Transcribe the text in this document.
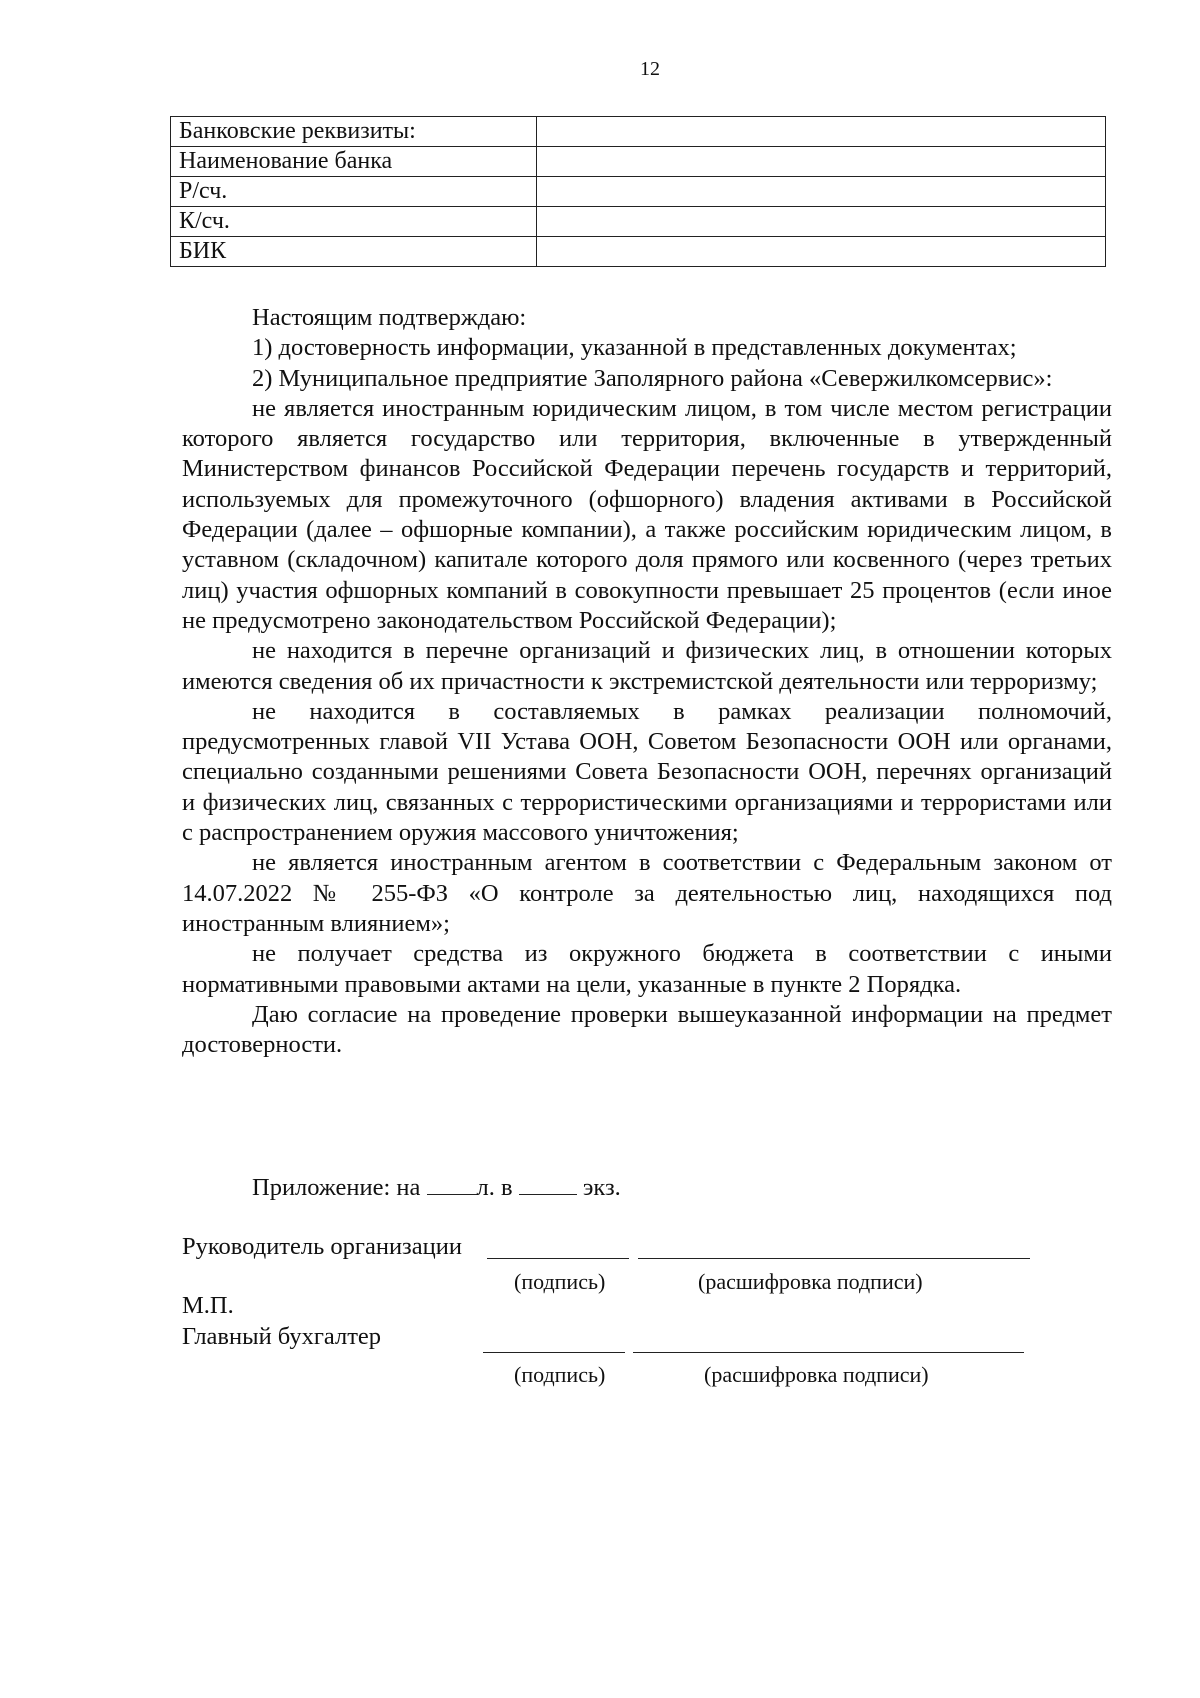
12
Банковские реквизиты:	
Наименование банка	
Р/сч.	
К/сч.	
БИК	

Настоящим подтверждаю:

1) достоверность информации, указанной в представленных документах;

2) Муниципальное предприятие Заполярного района «Севержилкомсервис»:

не является иностранным юридическим лицом, в том числе местом регистрации которого является государство или территория, включенные в утвержденный Министерством финансов Российской Федерации перечень государств и территорий, используемых для промежуточного (офшорного) владения активами в Российской Федерации (далее – офшорные компании), а также российским юридическим лицом, в уставном (складочном) капитале которого доля прямого или косвенного (через третьих лиц) участия офшорных компаний в совокупности превышает 25 процентов (если иное не предусмотрено законодательством Российской Федерации);

не находится в перечне организаций и физических лиц, в отношении которых имеются сведения об их причастности к экстремистской деятельности или терроризму;

не находится в составляемых в рамках реализации полномочий, предусмотренных главой VII Устава ООН, Советом Безопасности ООН или органами, специально созданными решениями Совета Безопасности ООН, перечнях организаций и физических лиц, связанных с террористическими организациями и террористами или с распространением оружия массового уничтожения;

не является иностранным агентом в соответствии с Федеральным законом от 14.07.2022 № 255-ФЗ «О контроле за деятельностью лиц, находящихся под иностранным влиянием»;

не получает средства из окружного бюджета в соответствии с иными нормативными правовыми актами на цели, указанные в пункте 2 Порядка.

Даю согласие на проведение проверки вышеуказанной информации на предмет достоверности.

Приложение: на л. в	экз.
Руководитель организации
(подпись)	(расшифровка подписи)
М.П.
Главный бухгалтер
(подпись)	(расшифровка подписи)
